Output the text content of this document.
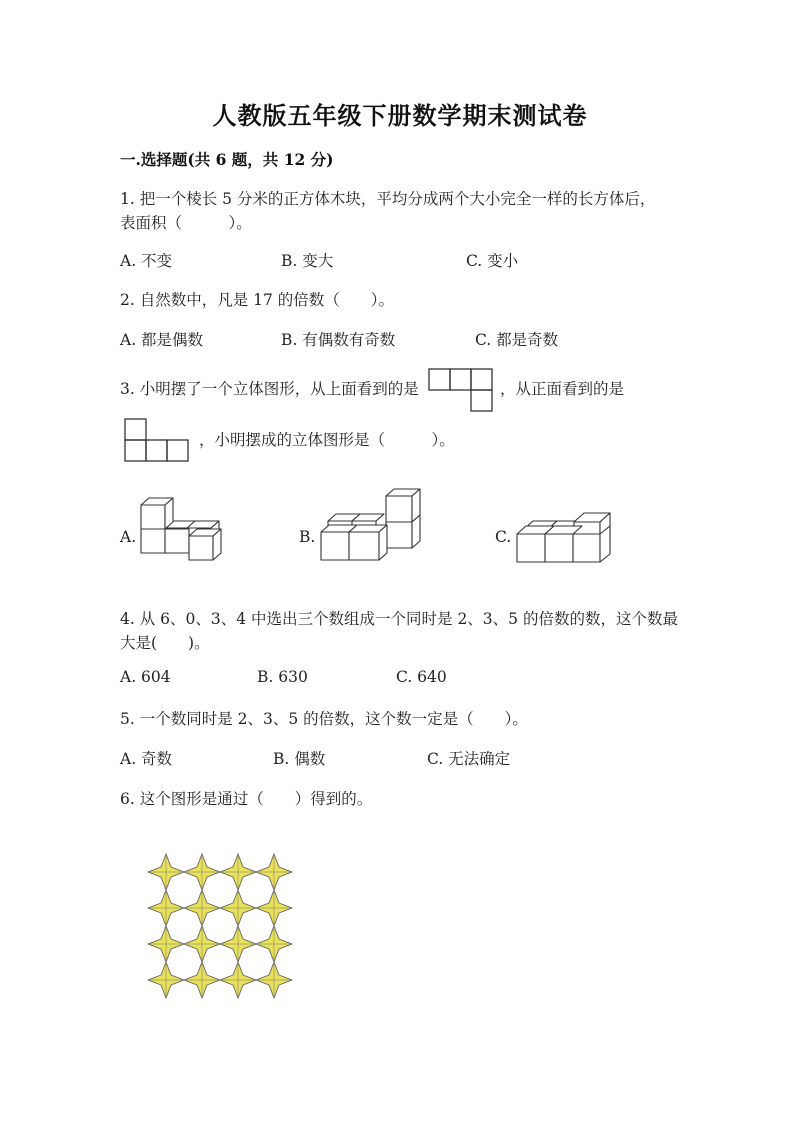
人教版五年级下册数学期末测试卷
一.选择题(共 6 题，共 12 分)
1. 把一个棱长 5 分米的正方体木块，平均分成两个大小完全一样的长方体后，
表面积（　　　）。
A. 不变	B. 变大	C. 变小
2. 自然数中，凡是 17 的倍数（　　）。
A. 都是偶数	B. 有偶数有奇数	C. 都是奇数
3. 小明摆了一个立体图形，从上面看到的是	，从正面看到的是
，小明摆成的立体图形是（　　　）。
A.	B.	C.
4. 从 6、0、3、4 中选出三个数组成一个同时是 2、3、5 的倍数的数，这个数最
大是(　　)。
A. 604	B. 630	C. 640
5. 一个数同时是 2、3、5 的倍数，这个数一定是（　　）。
A. 奇数	B. 偶数	C. 无法确定
6. 这个图形是通过（　　）得到的。
